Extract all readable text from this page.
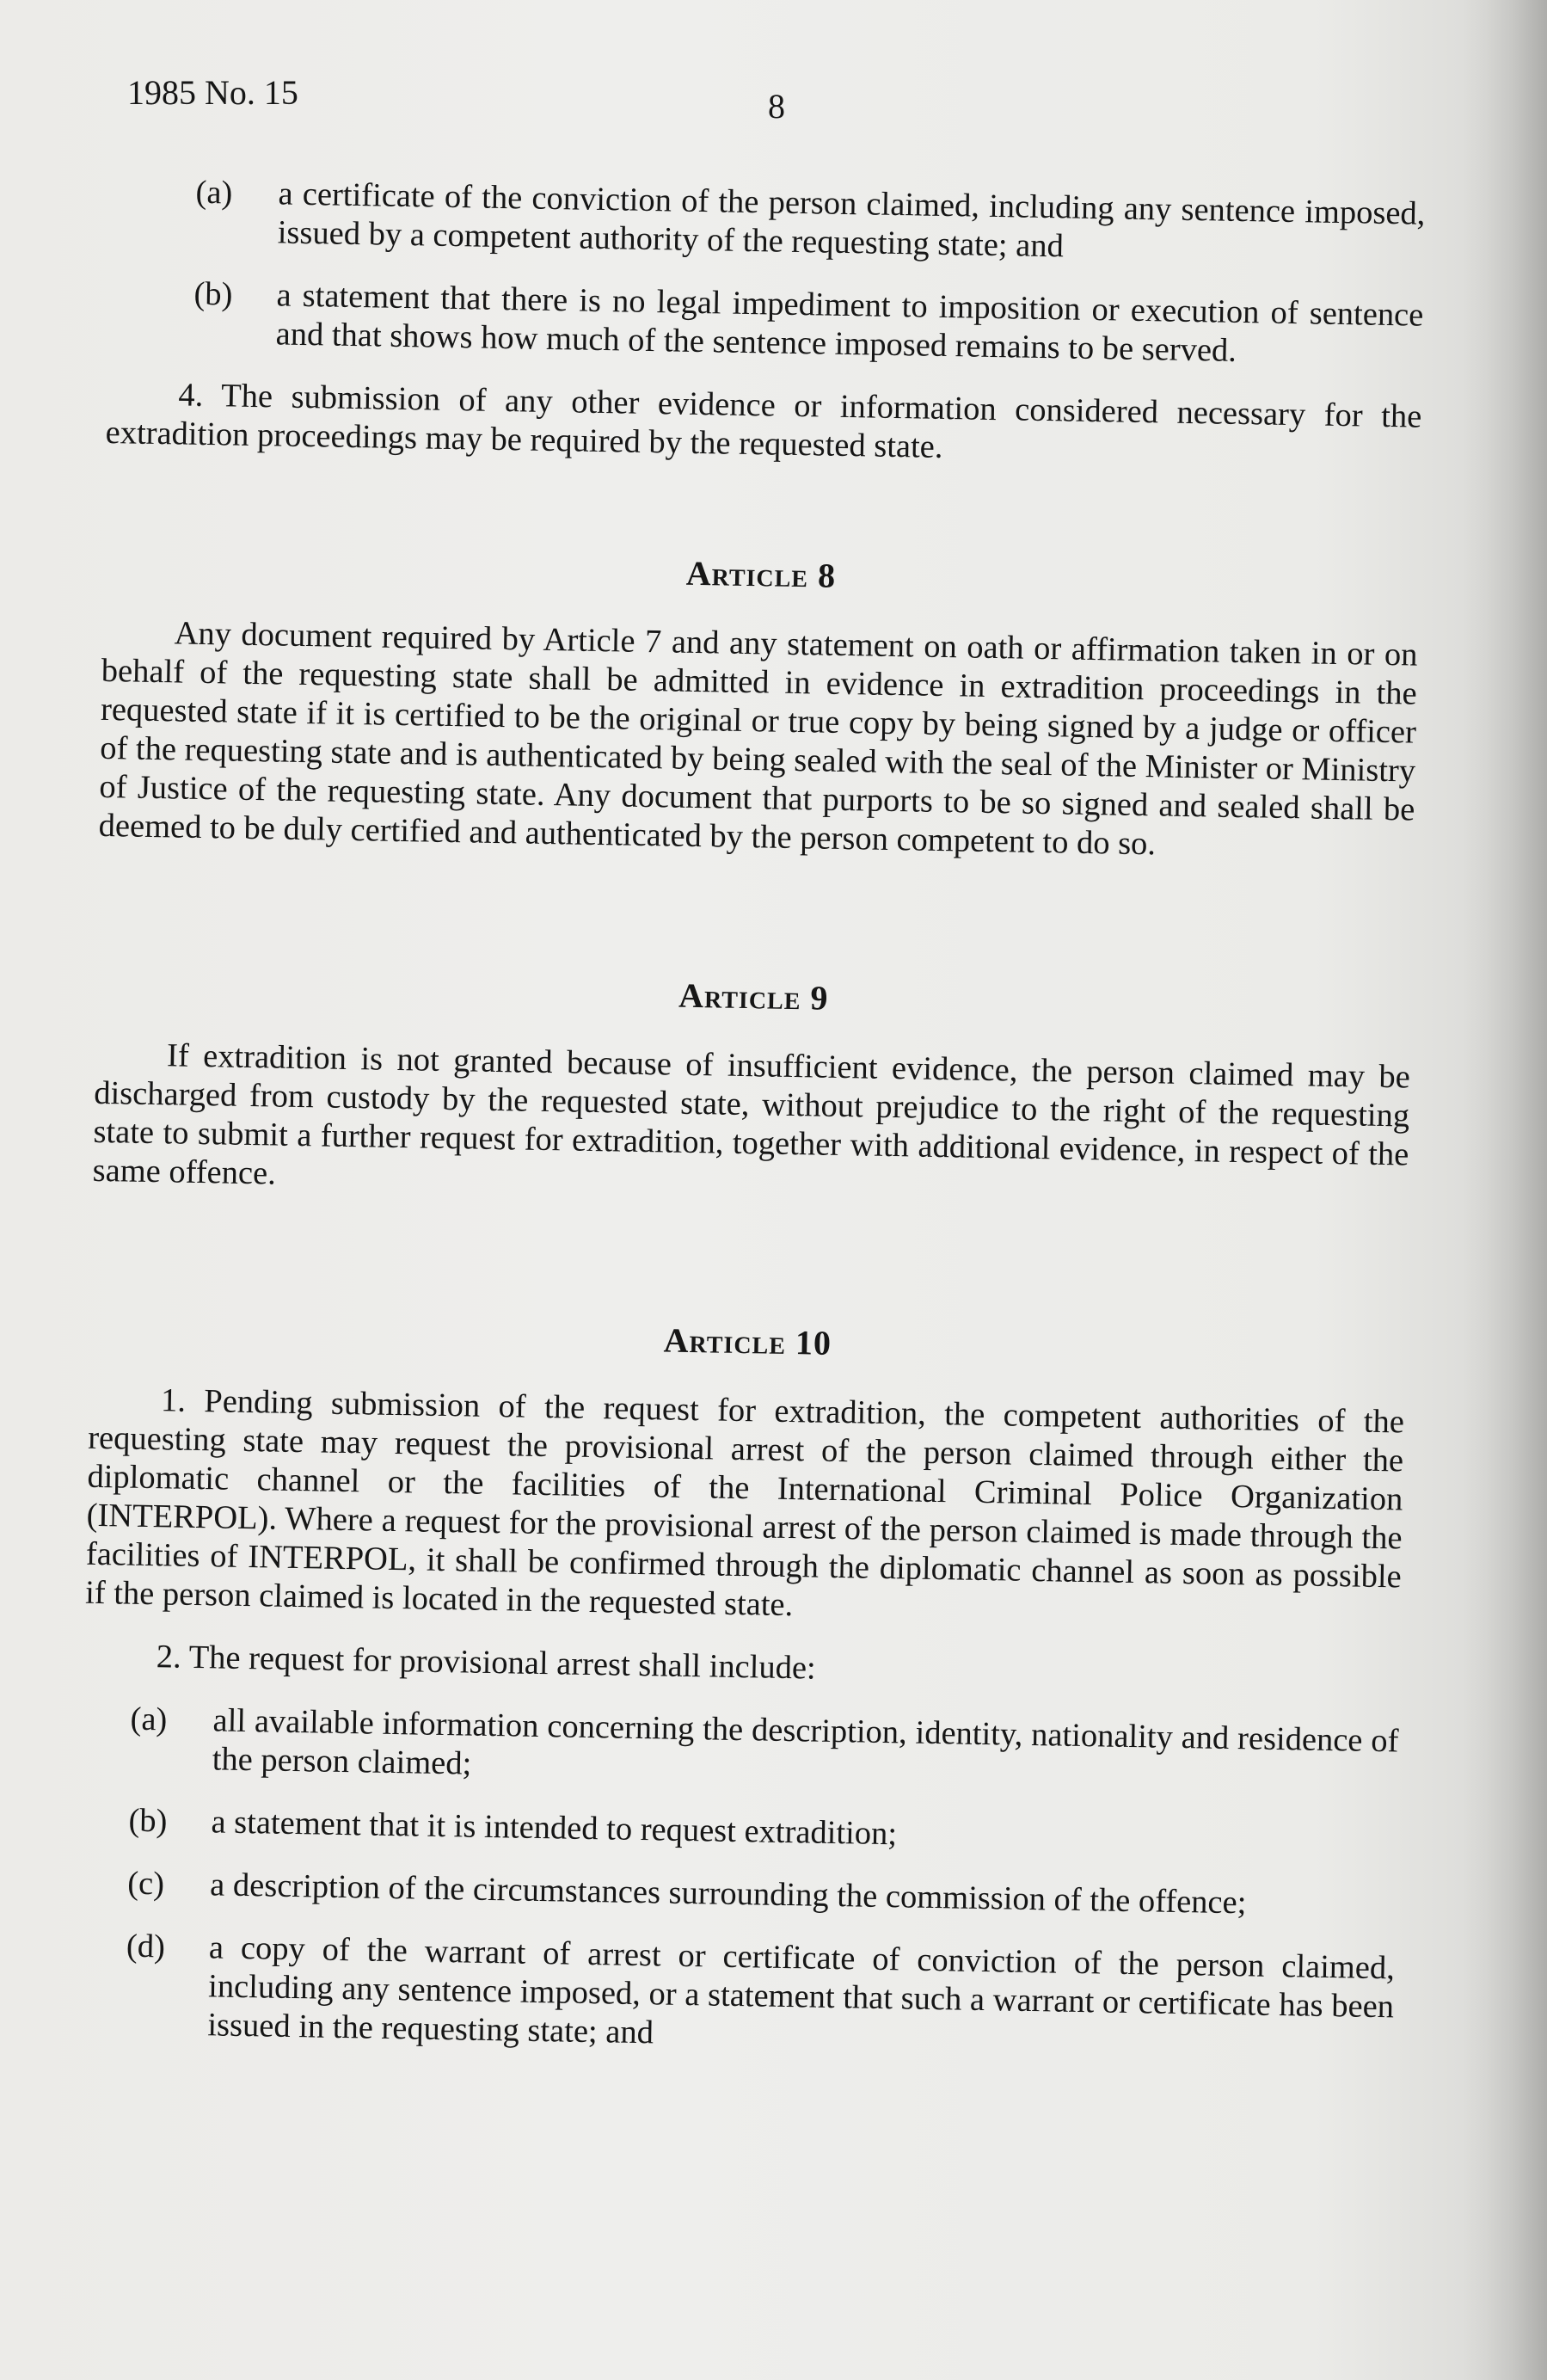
1985 No. 15	8
(a)	a certificate of the conviction of the person claimed, including any sentence imposed, issued by a competent authority of the requesting state; and
(b)	a statement that there is no legal impediment to imposition or execution of sentence and that shows how much of the sentence imposed remains to be served.

4. The submission of any other evidence or information considered necessary for the extradition proceedings may be required by the requested state.

Article 8

Any document required by Article 7 and any statement on oath or affirmation taken in or on behalf of the requesting state shall be admitted in evidence in extradition proceedings in the requested state if it is certified to be the original or true copy by being signed by a judge or officer of the requesting state and is authenticated by being sealed with the seal of the Minister or Ministry of Justice of the requesting state. Any document that purports to be so signed and sealed shall be deemed to be duly certified and authenticated by the person competent to do so.

Article 9

If extradition is not granted because of insufficient evidence, the person claimed may be discharged from custody by the requested state, without prejudice to the right of the requesting state to submit a further request for extradition, together with additional evidence, in respect of the same offence.

Article 10

1. Pending submission of the request for extradition, the competent authorities of the requesting state may request the provisional arrest of the person claimed through either the diplomatic channel or the facilities of the International Criminal Police Organization (INTERPOL). Where a request for the provisional arrest of the person claimed is made through the facilities of INTERPOL, it shall be confirmed through the diplomatic channel as soon as possible if the person claimed is located in the requested state.

2. The request for provisional arrest shall include:

(a)	all available information concerning the description, identity, nationality and residence of the person claimed;
(b)	a statement that it is intended to request extradition;
(c)	a description of the circumstances surrounding the commission of the offence;
(d)	a copy of the warrant of arrest or certificate of conviction of the person claimed, including any sentence imposed, or a statement that such a warrant or certificate has been issued in the requesting state; and
